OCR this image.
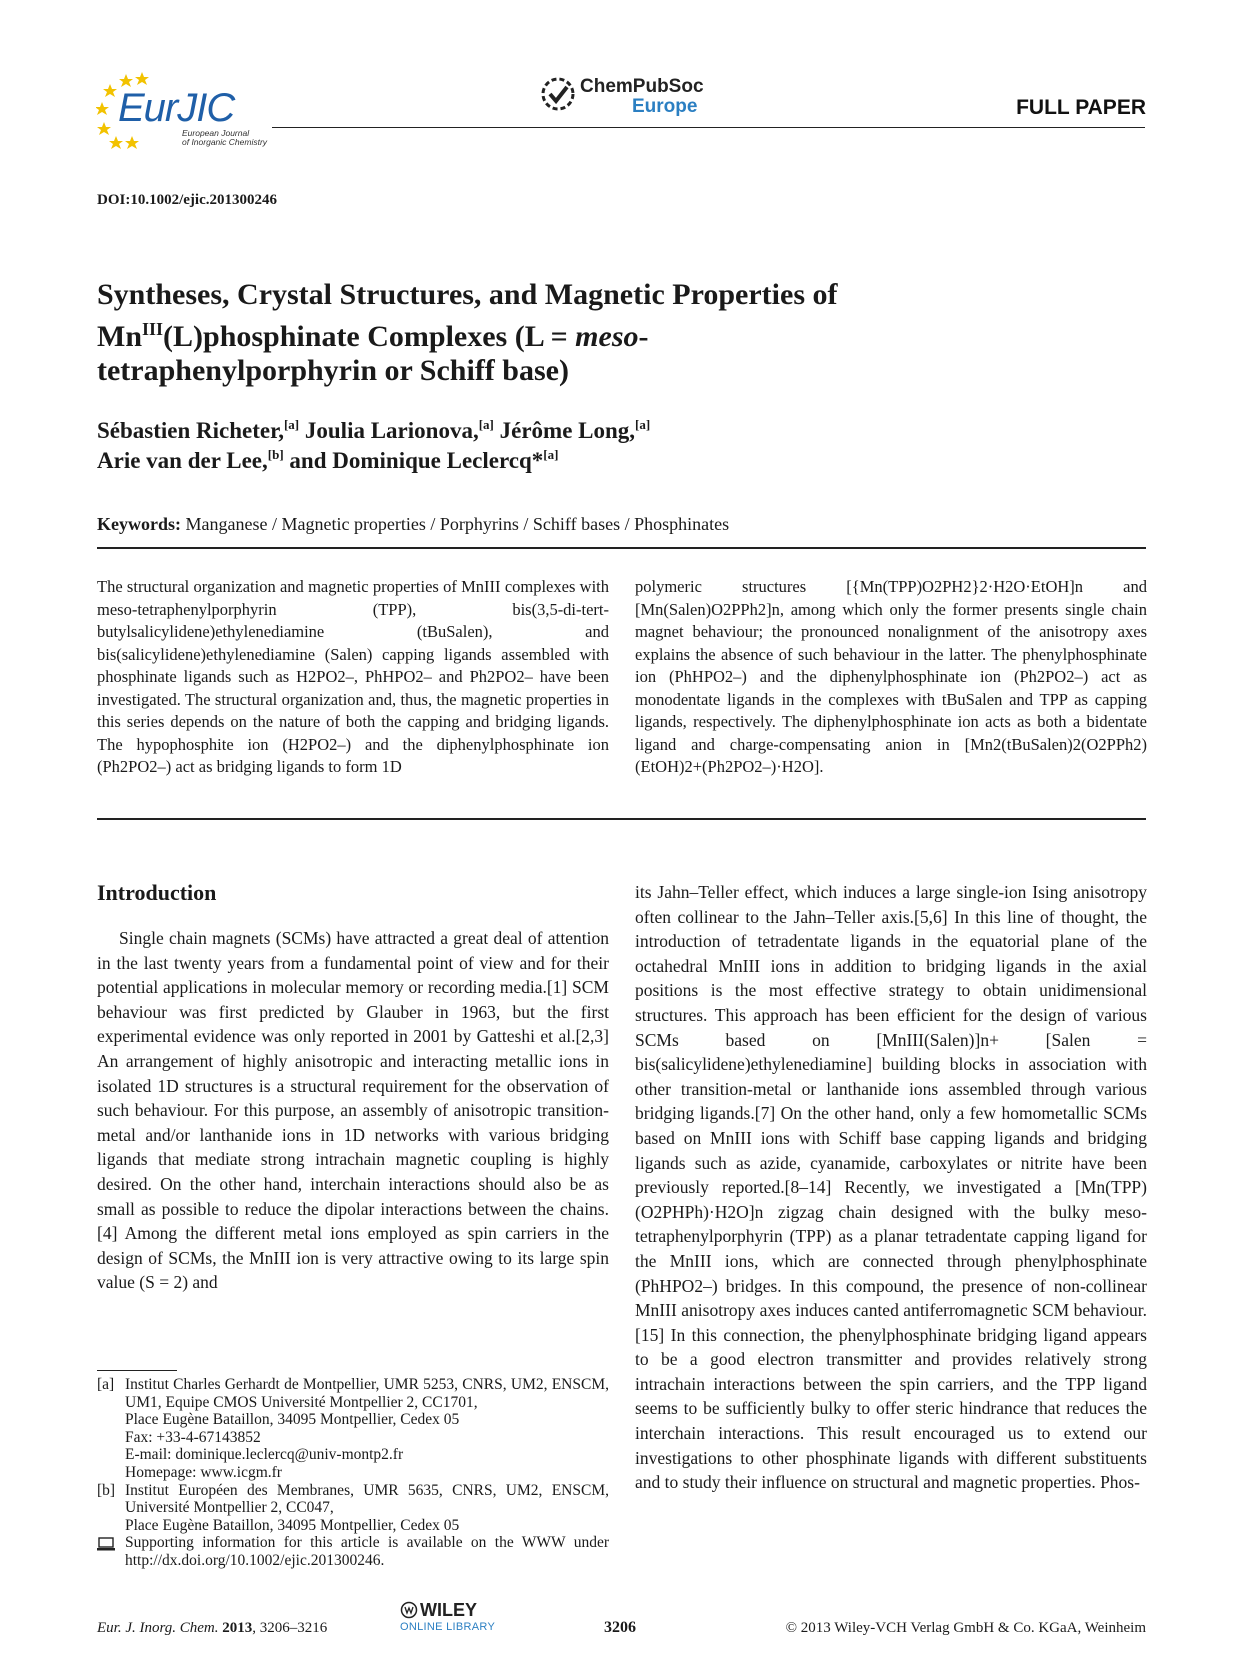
EurJIC
European Journal
of Inorganic Chemistry
ChemPubSoc
Europe	FULL PAPER
DOI:10.1002/ejic.201300246
Syntheses, Crystal Structures, and Magnetic Properties of $Mn^{III}(L)phosphinate$ Complexes (L = meso-tetraphenylporphyrin or Schiff base)
Sébastien Richeter,[a] Joulia Larionova,[a] Jérôme Long,[a]
Arie van der Lee,[b] and Dominique Leclercq*[a]
Keywords: Manganese / Magnetic properties / Porphyrins / Schiff bases / Phosphinates
The structural organization and magnetic properties of MnIII complexes with meso-tetraphenylporphyrin (TPP), bis(3,5-di-tert-butylsalicylidene)ethylenediamine (tBuSalen), and bis(salicylidene)ethylenediamine (Salen) capping ligands assembled with phosphinate ligands such as H2PO2–, PhHPO2– and Ph2PO2– have been investigated. The structural organization and, thus, the magnetic properties in this series depends on the nature of both the capping and bridging ligands. The hypophosphite ion (H2PO2–) and the diphenylphosphinate ion (Ph2PO2–) act as bridging ligands to form 1D
polymeric structures [{Mn(TPP)O2PH2}2·H2O·EtOH]n and [Mn(Salen)O2PPh2]n, among which only the former presents single chain magnet behaviour; the pronounced nonalignment of the anisotropy axes explains the absence of such behaviour in the latter. The phenylphosphinate ion (PhHPO2–) and the diphenylphosphinate ion (Ph2PO2–) act as monodentate ligands in the complexes with tBuSalen and TPP as capping ligands, respectively. The diphenylphosphinate ion acts as both a bidentate ligand and charge-compensating anion in [Mn2(tBuSalen)2(O2PPh2)(EtOH)2+(Ph2PO2–)·H2O].
Introduction

Single chain magnets (SCMs) have attracted a great deal of attention in the last twenty years from a fundamental point of view and for their potential applications in molecular memory or recording media.[1] SCM behaviour was first predicted by Glauber in 1963, but the first experimental evidence was only reported in 2001 by Gatteshi et al.[2,3] An arrangement of highly anisotropic and interacting metallic ions in isolated 1D structures is a structural requirement for the observation of such behaviour. For this purpose, an assembly of anisotropic transition-metal and/or lanthanide ions in 1D networks with various bridging ligands that mediate strong intrachain magnetic coupling is highly desired. On the other hand, interchain interactions should also be as small as possible to reduce the dipolar interactions between the chains.[4] Among the different metal ions employed as spin carriers in the design of SCMs, the MnIII ion is very attractive owing to its large spin value (S = 2) and

its Jahn–Teller effect, which induces a large single-ion Ising anisotropy often collinear to the Jahn–Teller axis.[5,6] In this line of thought, the introduction of tetradentate ligands in the equatorial plane of the octahedral MnIII ions in addition to bridging ligands in the axial positions is the most effective strategy to obtain unidimensional structures. This approach has been efficient for the design of various SCMs based on [MnIII(Salen)]n+ [Salen = bis(salicylidene)ethylenediamine] building blocks in association with other transition-metal or lanthanide ions assembled through various bridging ligands.[7] On the other hand, only a few homometallic SCMs based on MnIII ions with Schiff base capping ligands and bridging ligands such as azide, cyanamide, carboxylates or nitrite have been previously reported.[8–14] Recently, we investigated a [Mn(TPP)(O2PHPh)·H2O]n zigzag chain designed with the bulky meso-tetraphenylporphyrin (TPP) as a planar tetradentate capping ligand for the MnIII ions, which are connected through phenylphosphinate (PhHPO2–) bridges. In this compound, the presence of non-collinear MnIII anisotropy axes induces canted antiferromagnetic SCM behaviour.[15] In this connection, the phenylphosphinate bridging ligand appears to be a good electron transmitter and provides relatively strong intrachain interactions between the spin carriers, and the TPP ligand seems to be sufficiently bulky to offer steric hindrance that reduces the interchain interactions. This result encouraged us to extend our investigations to other phosphinate ligands with different substituents and to study their influence on structural and magnetic properties. Phos-

[a] Institut Charles Gerhardt de Montpellier, UMR 5253, CNRS, UM2, ENSCM, UM1, Equipe CMOS Université Montpellier 2, CC1701,
Place Eugène Bataillon, 34095 Montpellier, Cedex 05
Fax: +33-4-67143852
E-mail: dominique.leclercq@univ-montp2.fr
Homepage: www.icgm.fr
[b] Institut Européen des Membranes, UMR 5635, CNRS, UM2, ENSCM, Université Montpellier 2, CC047,
Place Eugène Bataillon, 34095 Montpellier, Cedex 05
Supporting information for this article is available on the WWW under http://dx.doi.org/10.1002/ejic.201300246.
Eur. J. Inorg. Chem. 2013, 3206–3216
WILEY
ONLINE LIBRARY	3206	© 2013 Wiley-VCH Verlag GmbH & Co. KGaA, Weinheim
